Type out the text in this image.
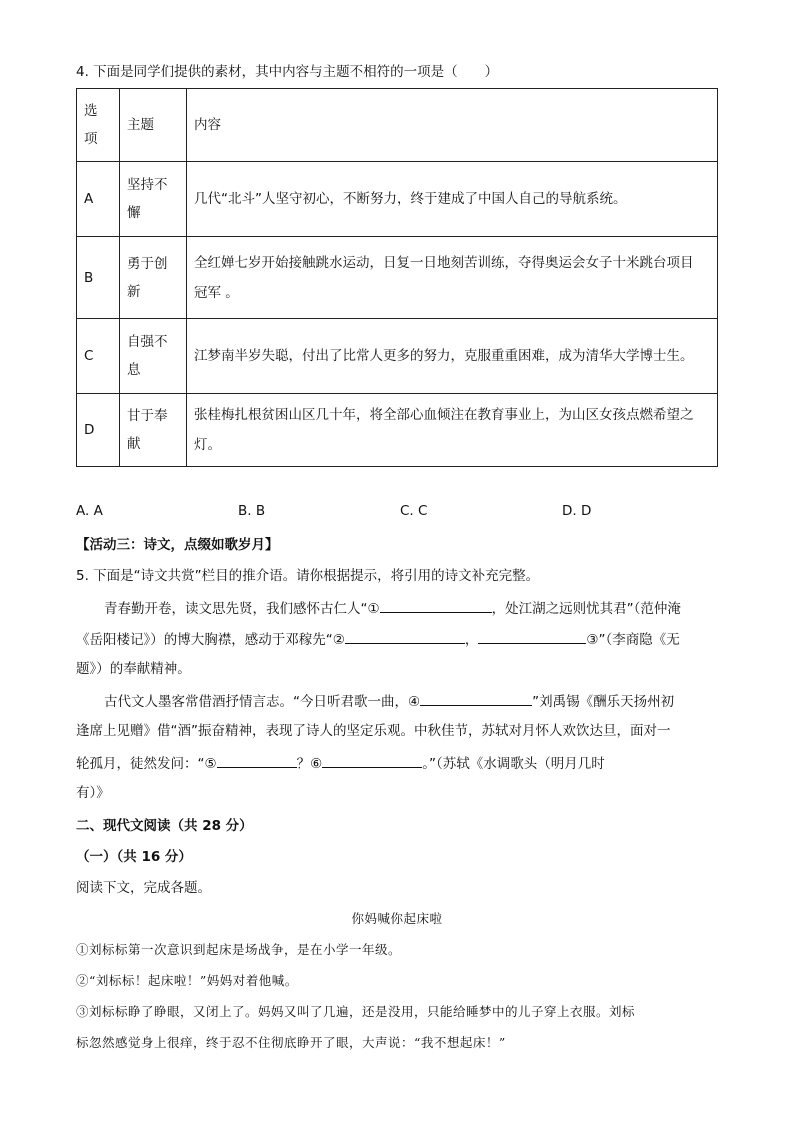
4. 下面是同学们提供的素材，其中内容与主题不相符的一项是（　　）
选项	主题	内容
A	坚持不懈	几代“北斗”人坚守初心，不断努力，终于建成了中国人自己的导航系统。
B	勇于创新	全红婵七岁开始接触跳水运动，日复一日地刻苦训练，夺得奥运会女子十米跳台项目冠军 。

C	自强不息	江梦南半岁失聪，付出了比常人更多的努力，克服重重困难，成为清华大学博士生。

D	甘于奉献	张桂梅扎根贫困山区几十年，将全部心血倾注在教育事业上，为山区女孩点燃希望之灯。
A. A	B. B	C. C	D. D
【活动三：诗文，点缀如歌岁月】
5. 下面是“诗文共赏”栏目的推介语。请你根据提示，将引用的诗文补充完整。
青春勤开卷，读文思先贤，我们感怀古仁人“①	，处江湖之远则忧其君”（范仲淹
《岳阳楼记》）的博大胸襟，感动于邓稼先“②	，	③”（李商隐《无
题》）的奉献精神。
古代文人墨客常借酒抒情言志。“今日听君歌一曲，④	”刘禹锡《酬乐天扬州初
逢席上见赠》借“酒”振奋精神，表现了诗人的坚定乐观。中秋佳节，苏轼对月怀人欢饮达旦，面对一
轮孤月，徒然发问：“⑤	？⑥	。”（苏轼《水调歌头（明月几时
有）》
二、现代文阅读（共 28 分）
（一）（共 16 分）
阅读下文，完成各题。
你妈喊你起床啦
①刘标标第一次意识到起床是场战争，是在小学一年级。
②“刘标标！起床啦！”妈妈对着他喊。
③刘标标睁了睁眼，又闭上了。妈妈又叫了几遍，还是没用，只能给睡梦中的儿子穿上衣服。刘标
标忽然感觉身上很痒，终于忍不住彻底睁开了眼，大声说：“我不想起床！”
